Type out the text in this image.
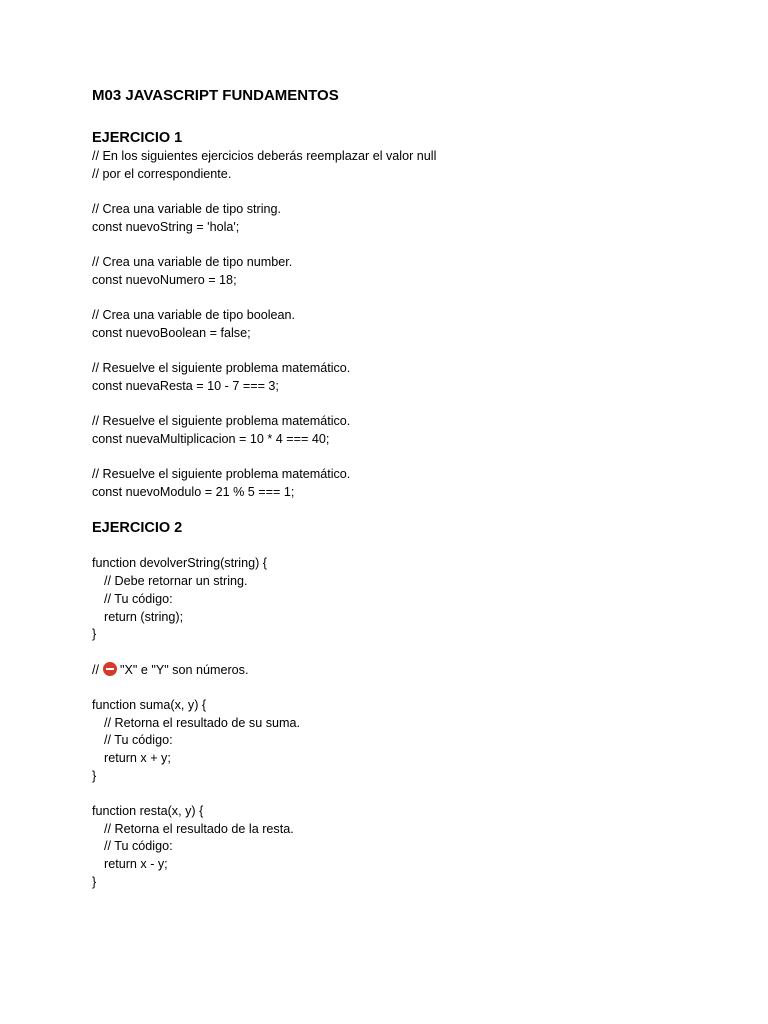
M03 JAVASCRIPT FUNDAMENTOS
EJERCICIO 1
// En los siguientes ejercicios deberás reemplazar el valor null
// por el correspondiente.
// Crea una variable de tipo string.
const nuevoString = 'hola';
// Crea una variable de tipo number.
const nuevoNumero = 18;
// Crea una variable de tipo boolean.
const nuevoBoolean = false;
// Resuelve el siguiente problema matemático.
const nuevaResta = 10 - 7 === 3;
// Resuelve el siguiente problema matemático.
const nuevaMultiplicacion = 10 * 4 === 40;
// Resuelve el siguiente problema matemático.
const nuevoModulo = 21 % 5 === 1;
EJERCICIO 2
function devolverString(string) {
// Debe retornar un string.
// Tu código:
return (string);
}
// "X" e "Y" son números.
function suma(x, y) {
// Retorna el resultado de su suma.
// Tu código:
return x + y;
}
function resta(x, y) {
// Retorna el resultado de la resta.
// Tu código:
return x - y;
}
